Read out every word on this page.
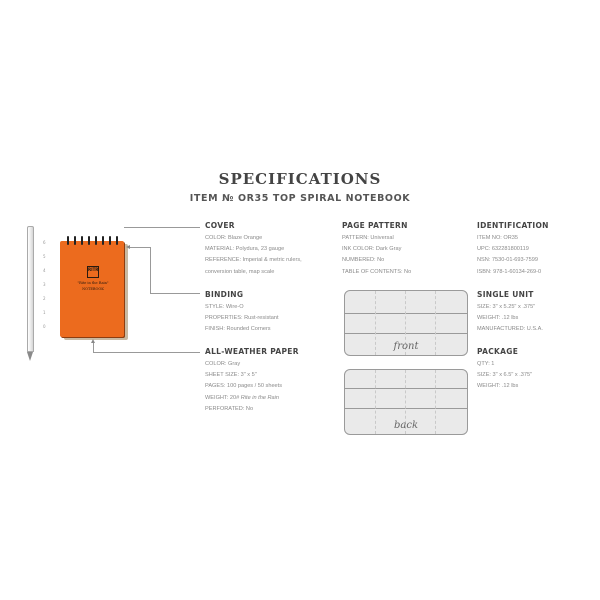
SPECIFICATIONS
ITEM № OR35 TOP SPIRAL NOTEBOOK
6
5
4
3
2
1
0
RITR
"Rite in the Rain"
NOTEBOOK
COVER
COLOR: Blaze Orange
MATERIAL: Polydura, 23 gauge
REFERENCE: Imperial & metric rulers,
conversion table, map scale
BINDING
STYLE: Wire-O
PROPERTIES: Rust-resistant
FINISH: Rounded Corners
ALL-WEATHER PAPER
COLOR: Gray
SHEET SIZE: 3" x 5"
PAGES: 100 pages / 50 sheets
WEIGHT: 20# Rite in the Rain
PERFORATED: No
PAGE PATTERN
PATTERN: Universal
INK COLOR: Dark Gray
NUMBERED: No
TABLE OF CONTENTS: No
front
back
IDENTIFICATION
ITEM NO: OR35
UPC: 632281800119
NSN: 7530-01-693-7599
ISBN: 978-1-60134-269-0
SINGLE UNIT
SIZE: 3" x 5.25" x .375"
WEIGHT: .12 lbs
MANUFACTURED: U.S.A.
PACKAGE
QTY: 1
SIZE: 3" x 6.5" x .375"
WEIGHT: .12 lbs
